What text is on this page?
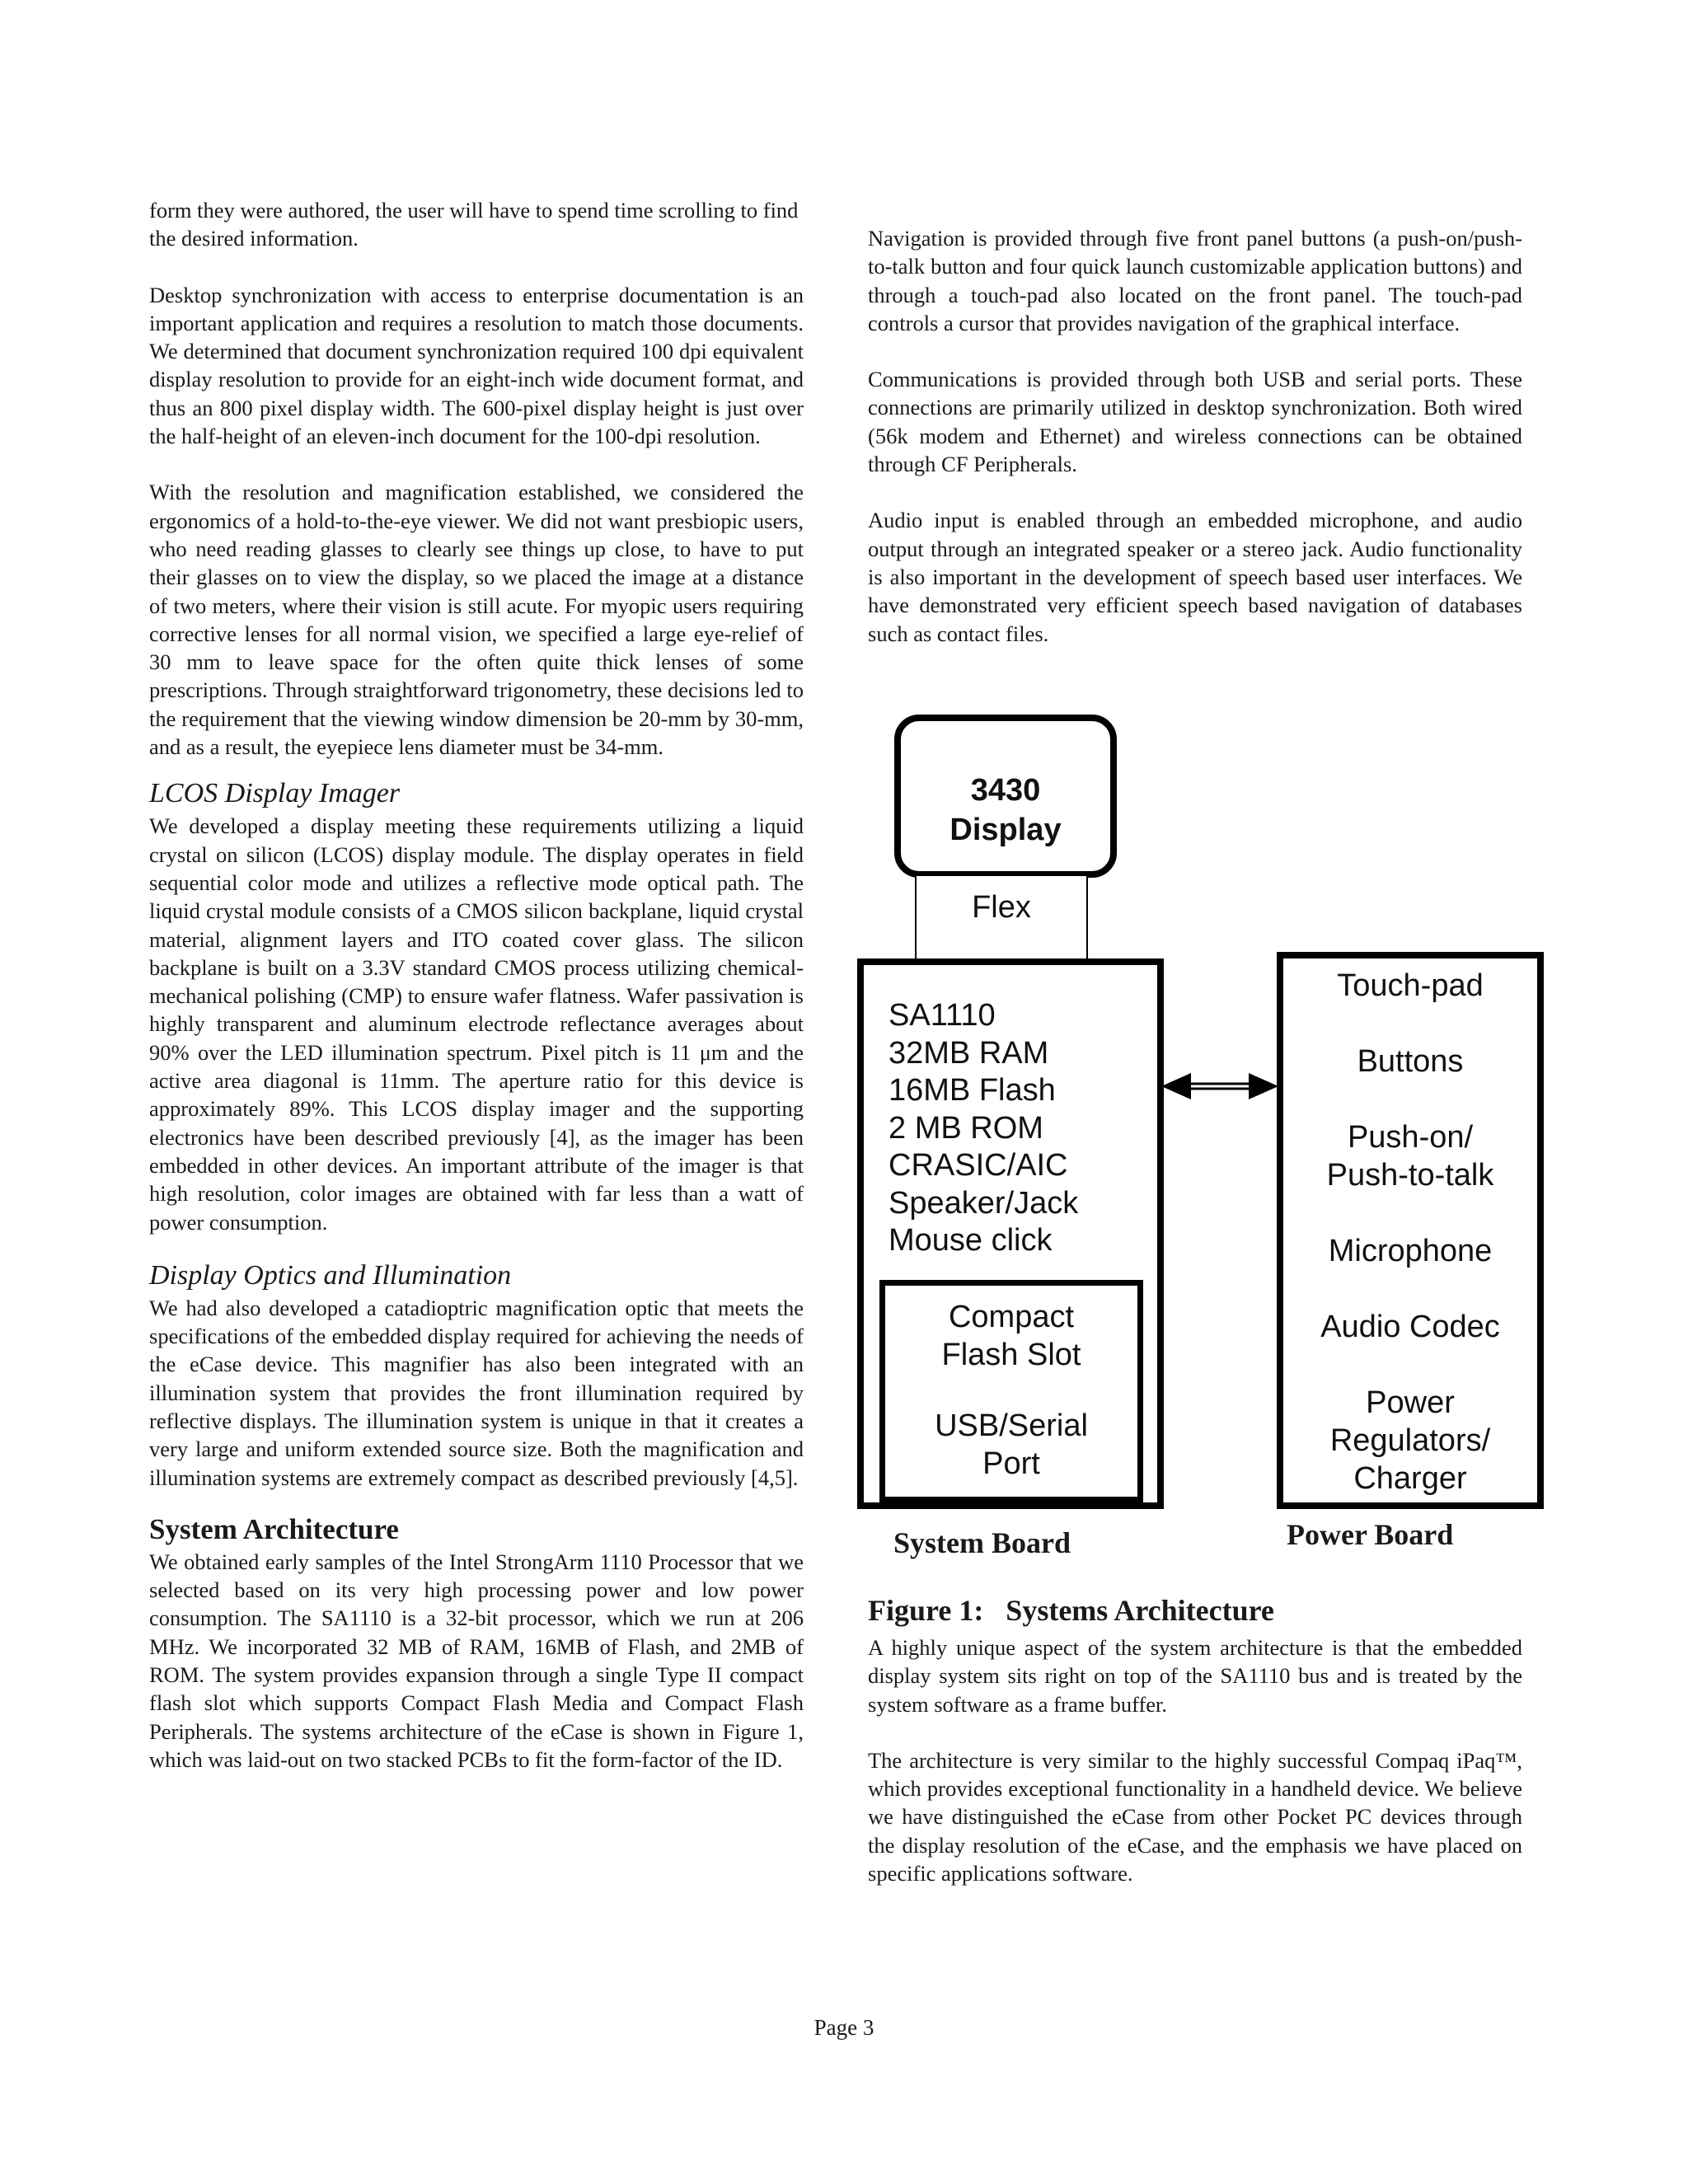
form they were authored, the user will have to spend time scrolling to find the desired information.

Desktop synchronization with access to enterprise documentation is an important application and requires a resolution to match those documents. We determined that document synchronization required 100 dpi equivalent display resolution to provide for an eight-inch wide document format, and thus an 800 pixel display width. The 600-pixel display height is just over the half-height of an eleven-inch document for the 100-dpi resolution.

With the resolution and magnification established, we considered the ergonomics of a hold-to-the-eye viewer. We did not want presbiopic users, who need reading glasses to clearly see things up close, to have to put their glasses on to view the display, so we placed the image at a distance of two meters, where their vision is still acute. For myopic users requiring corrective lenses for all normal vision, we specified a large eye-relief of 30 mm to leave space for the often quite thick lenses of some prescriptions. Through straightforward trigonometry, these decisions led to the requirement that the viewing window dimension be 20-mm by 30-mm, and as a result, the eyepiece lens diameter must be 34-mm.

LCOS Display Imager

We developed a display meeting these requirements utilizing a liquid crystal on silicon (LCOS) display module. The display operates in field sequential color mode and utilizes a reflective mode optical path. The liquid crystal module consists of a CMOS silicon backplane, liquid crystal material, alignment layers and ITO coated cover glass. The silicon backplane is built on a 3.3V standard CMOS process utilizing chemical-mechanical polishing (CMP) to ensure wafer flatness. Wafer passivation is highly transparent and aluminum electrode reflectance averages about 90% over the LED illumination spectrum. Pixel pitch is 11 μm and the active area diagonal is 11mm. The aperture ratio for this device is approximately 89%. This LCOS display imager and the supporting electronics have been described previously [4], as the imager has been embedded in other devices. An important attribute of the imager is that high resolution, color images are obtained with far less than a watt of power consumption.

Display Optics and Illumination

We had also developed a catadioptric magnification optic that meets the specifications of the embedded display required for achieving the needs of the eCase device. This magnifier has also been integrated with an illumination system that provides the front illumination required by reflective displays. The illumination system is unique in that it creates a very large and uniform extended source size. Both the magnification and illumination systems are extremely compact as described previously [4,5].

System Architecture

We obtained early samples of the Intel StrongArm 1110 Processor that we selected based on its very high processing power and low power consumption. The SA1110 is a 32-bit processor, which we run at 206 MHz. We incorporated 32 MB of RAM, 16MB of Flash, and 2MB of ROM. The system provides expansion through a single Type II compact flash slot which supports Compact Flash Media and Compact Flash Peripherals. The systems architecture of the eCase is shown in Figure 1, which was laid-out on two stacked PCBs to fit the form-factor of the ID.

Navigation is provided through five front panel buttons (a push-on/push-to-talk button and four quick launch customizable application buttons) and through a touch-pad also located on the front panel. The touch-pad controls a cursor that provides navigation of the graphical interface.

Communications is provided through both USB and serial ports. These connections are primarily utilized in desktop synchronization. Both wired (56k modem and Ethernet) and wireless connections can be obtained through CF Peripherals.

Audio input is enabled through an embedded microphone, and audio output through an integrated speaker or a stereo jack. Audio functionality is also important in the development of speech based user interfaces. We have demonstrated very efficient speech based navigation of databases such as contact files.

3430
Display
Flex
SA1110
32MB RAM
16MB Flash
2 MB ROM
CRASIC/AIC
Speaker/Jack
Mouse click
Compact
Flash Slot
USB/Serial
Port
Touch-pad
Buttons
Push-on/
Push-to-talk
Microphone
Audio Codec
Power
Regulators/
Charger
System Board	Power Board

Figure 1:   Systems Architecture

A highly unique aspect of the system architecture is that the embedded display system sits right on top of the SA1110 bus and is treated by the system software as a frame buffer.

The architecture is very similar to the highly successful Compaq iPaq™, which provides exceptional functionality in a handheld device. We believe we have distinguished the eCase from other Pocket PC devices through the display resolution of the eCase, and the emphasis we have placed on specific applications software.

Page 3
